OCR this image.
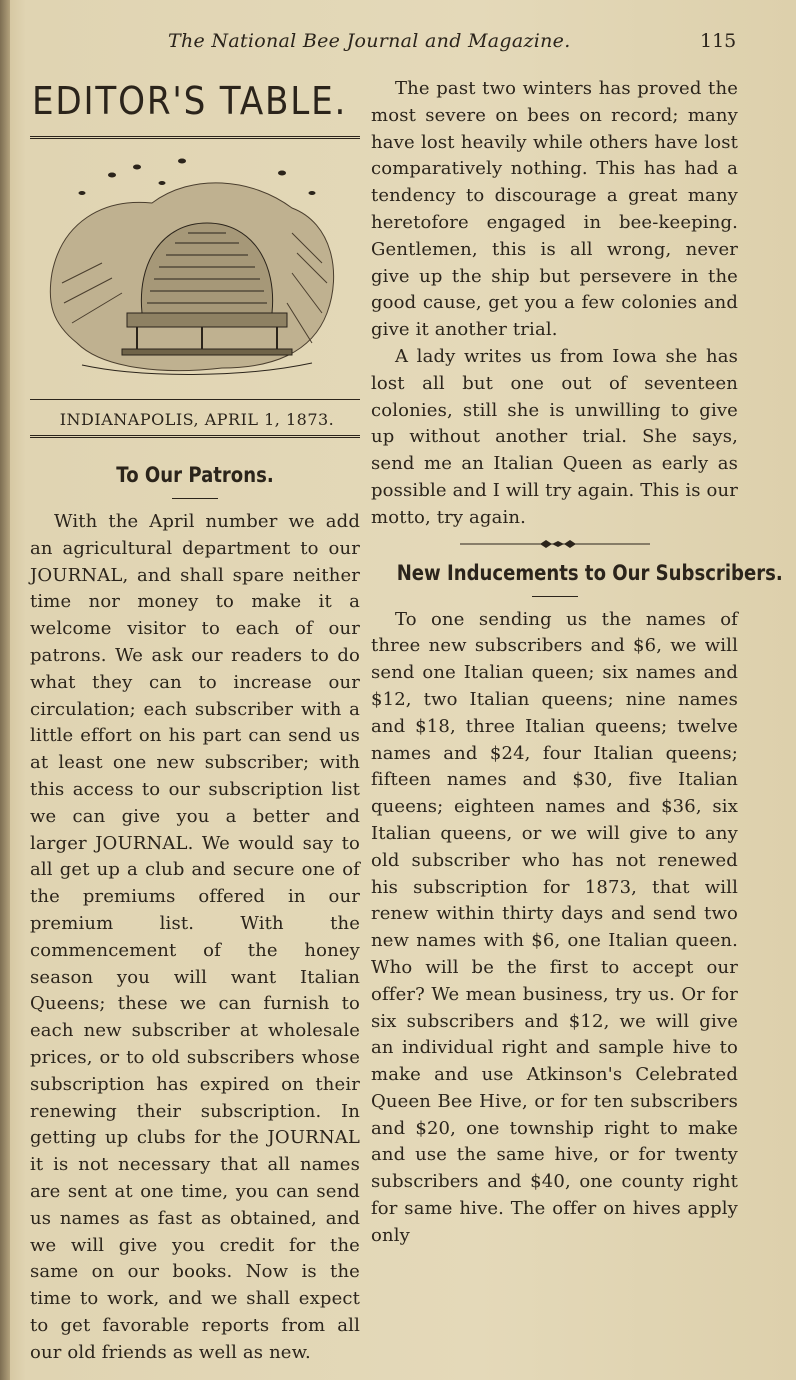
The National Bee Journal and Magazine.	115
EDITOR'S TABLE.
INDIANAPOLIS, APRIL 1, 1873.
To Our Patrons.

With the April number we add an agricultural department to our JOURNAL, and shall spare neither time nor money to make it a welcome visitor to each of our patrons. We ask our readers to do what they can to increase our circulation; each subscriber with a little effort on his part can send us at least one new subscriber; with this access to our subscription list we can give you a better and larger JOURNAL. We would say to all get up a club and secure one of the premiums offered in our premium list. With the commencement of the honey season you will want Italian Queens; these we can furnish to each new subscriber at wholesale prices, or to old subscribers whose subscription has expired on their renewing their subscription. In getting up clubs for the JOURNAL it is not necessary that all names are sent at one time, you can send us names as fast as obtained, and we will give you credit for the same on our books. Now is the time to work, and we shall expect to get favorable reports from all our old friends as well as new.

The past two winters has proved the most severe on bees on record; many have lost heavily while others have lost comparatively nothing. This has had a tendency to discourage a great many heretofore engaged in bee-keeping. Gentlemen, this is all wrong, never give up the ship but persevere in the good cause, get you a few colonies and give it another trial.

A lady writes us from Iowa she has lost all but one out of seventeen colonies, still she is unwilling to give up without another trial. She says, send me an Italian Queen as early as possible and I will try again. This is our motto, try again.

New Inducements to Our Subscribers.

To one sending us the names of three new subscribers and $6, we will send one Italian queen; six names and $12, two Italian queens; nine names and $18, three Italian queens; twelve names and $24, four Italian queens; fifteen names and $30, five Italian queens; eighteen names and $36, six Italian queens, or we will give to any old subscriber who has not renewed his subscription for 1873, that will renew within thirty days and send two new names with $6, one Italian queen. Who will be the first to accept our offer? We mean business, try us. Or for six subscribers and $12, we will give an individual right and sample hive to make and use Atkinson's Celebrated Queen Bee Hive, or for ten subscribers and $20, one township right to make and use the same hive, or for twenty subscribers and $40, one county right for same hive. The offer on hives apply only
